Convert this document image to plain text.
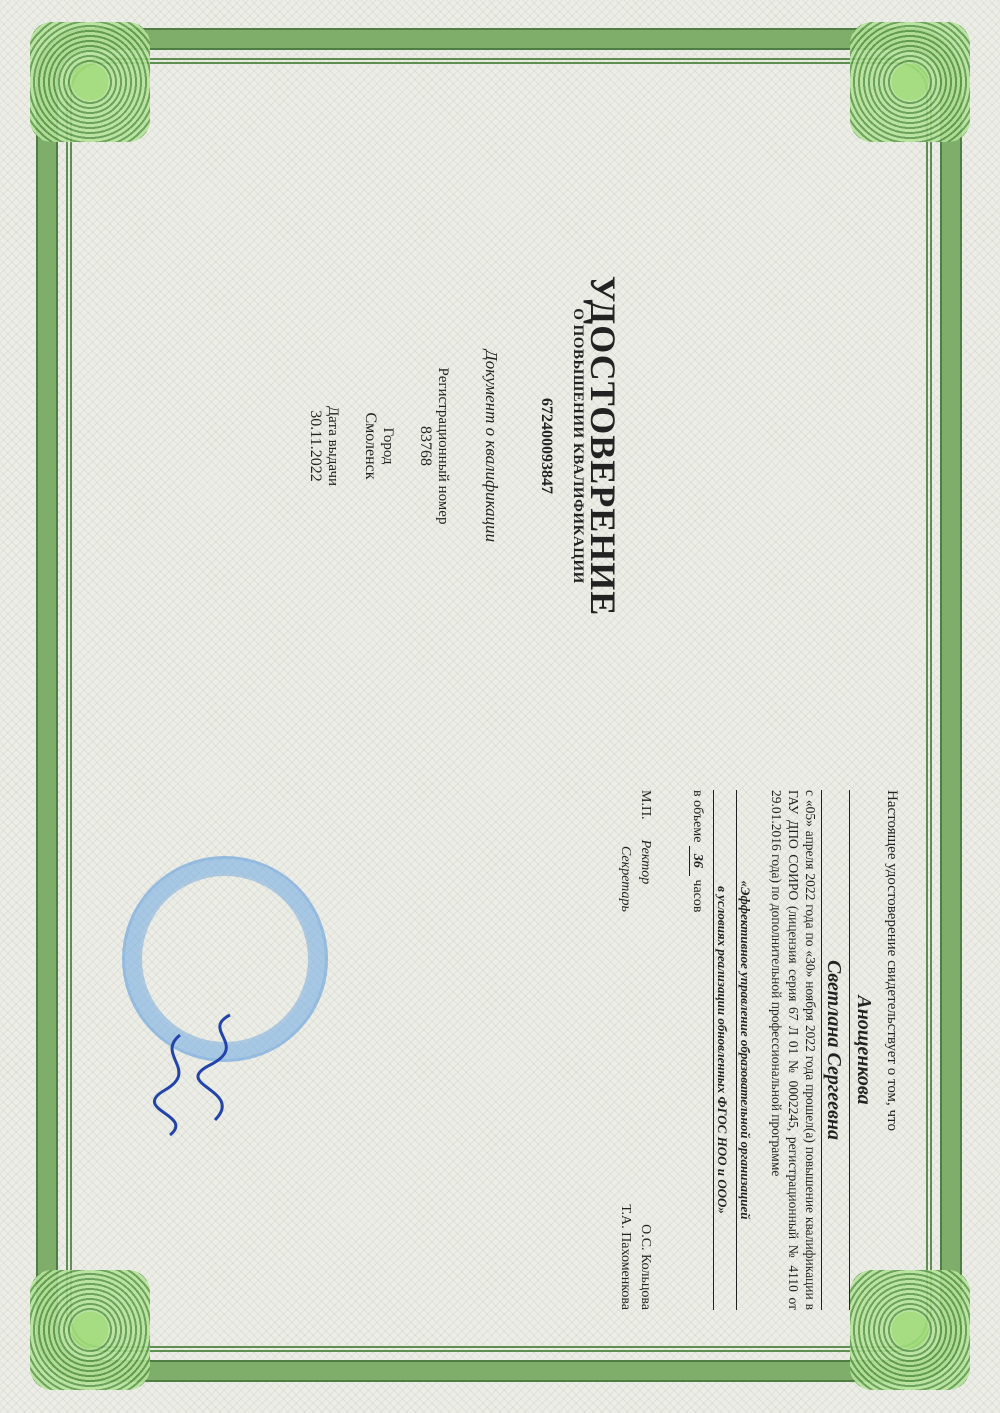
УДОСТОВЕРЕНИЕ
О ПОВЫШЕНИИ КВАЛИФИКАЦИИ
672400093847
Документ о квалификации
Регистрационный номер
83768
Город
Смоленск
Дата выдачи
30.11.2022
Настоящее удостоверение свидетельствует о том, что
Анощенкова
Светлана Сергеевна
с «05» апреля 2022 года по «30» ноября 2022 года прошел(а) повышение квалификации в ГАУ ДПО СОИРО (лицензия серия 67 Л 01 № 0002245, регистрационный № 4110 от 29.01.2016 года) по дополнительной профессиональной программе
«Эффективное управление образовательной организацией
в условиях реализации обновленных ФГОС НОО и ООО»
в объеме 36 часов
М.П.
Ректор
О.С. Кольцова
Секретарь
Т.А. Пахоменкова
